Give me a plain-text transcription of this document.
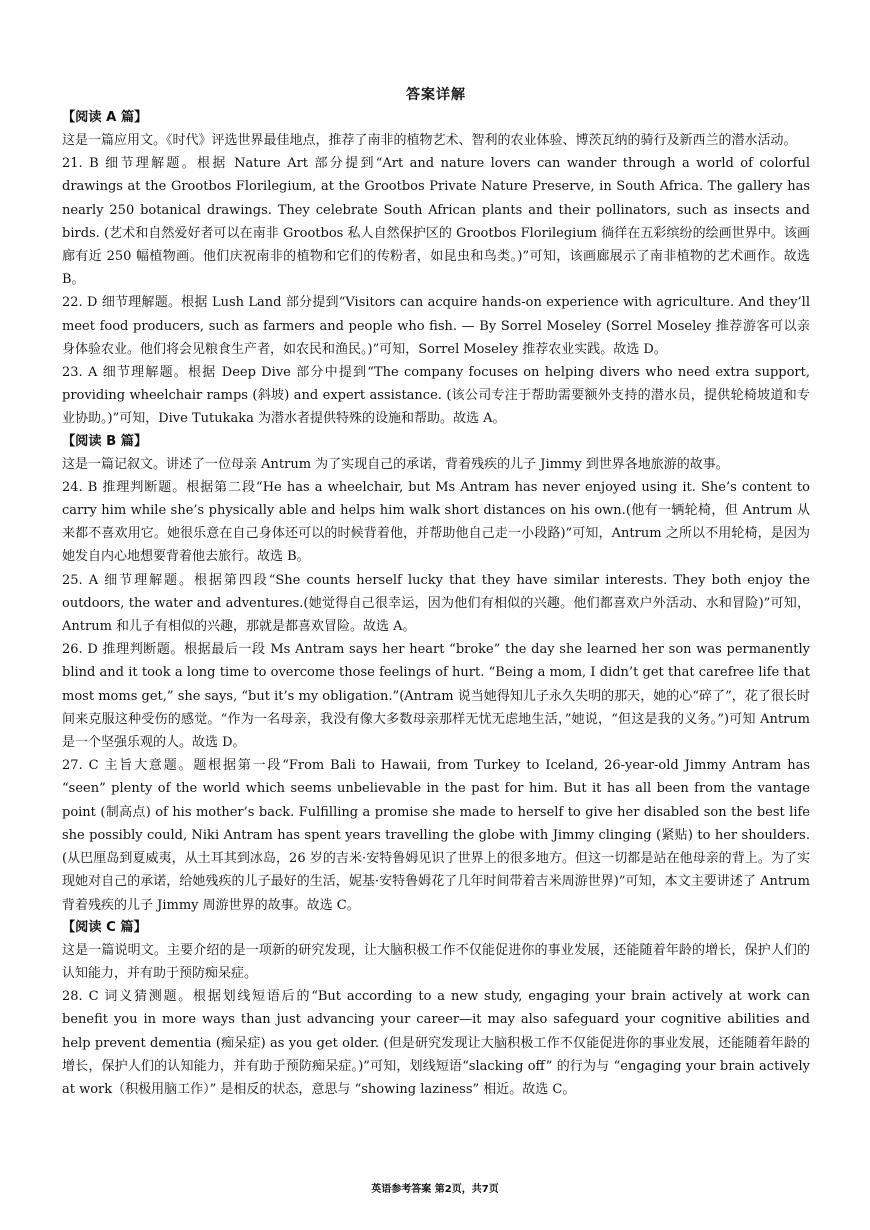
答案详解
【阅读 A 篇】

这是一篇应用文。《时代》评选世界最佳地点，推荐了南非的植物艺术、智利的农业体验、博茨瓦纳的骑行及新西兰的潜水活动。

21. B 细节理解题。根据 Nature Art 部分提到“Art and nature lovers can wander through a world of colorful drawings at the Grootbos Florilegium, at the Grootbos Private Nature Preserve, in South Africa. The gallery has nearly 250 botanical drawings. They celebrate South African plants and their pollinators, such as insects and birds. (艺术和自然爱好者可以在南非 Grootbos 私人自然保护区的 Grootbos Florilegium 徜徉在五彩缤纷的绘画世界中。该画廊有近 250 幅植物画。他们庆祝南非的植物和它们的传粉者，如昆虫和鸟类。)”可知，该画廊展示了南非植物的艺术画作。故选 B。

22. D 细节理解题。根据 Lush Land 部分提到“Visitors can acquire hands-on experience with agriculture. And they’ll meet food producers, such as farmers and people who fish. — By Sorrel Moseley (Sorrel Moseley 推荐游客可以亲身体验农业。他们将会见粮食生产者，如农民和渔民。)”可知，Sorrel Moseley 推荐农业实践。故选 D。

23. A 细节理解题。根据 Deep Dive 部分中提到“The company focuses on helping divers who need extra support, providing wheelchair ramps (斜坡) and expert assistance. (该公司专注于帮助需要额外支持的潜水员，提供轮椅坡道和专业协助。)”可知，Dive Tutukaka 为潜水者提供特殊的设施和帮助。故选 A。

【阅读 B 篇】

这是一篇记叙文。讲述了一位母亲 Antrum 为了实现自己的承诺，背着残疾的儿子 Jimmy 到世界各地旅游的故事。

24. B 推理判断题。根据第二段“He has a wheelchair, but Ms Antram has never enjoyed using it. She’s content to carry him while she’s physically able and helps him walk short distances on his own.(他有一辆轮椅，但 Antrum 从来都不喜欢用它。她很乐意在自己身体还可以的时候背着他，并帮助他自己走一小段路)”可知，Antrum 之所以不用轮椅，是因为她发自内心地想要背着他去旅行。故选 B。

25. A 细节理解题。根据第四段“She counts herself lucky that they have similar interests. They both enjoy the outdoors, the water and adventures.(她觉得自己很幸运，因为他们有相似的兴趣。他们都喜欢户外活动、水和冒险)”可知，Antrum 和儿子有相似的兴趣，那就是都喜欢冒险。故选 A。

26. D 推理判断题。根据最后一段 Ms Antram says her heart “broke” the day she learned her son was permanently blind and it took a long time to overcome those feelings of hurt. “Being a mom, I didn’t get that carefree life that most moms get,” she says, “but it’s my obligation.”(Antram 说当她得知儿子永久失明的那天，她的心“碎了”，花了很长时间来克服这种受伤的感觉。“作为一名母亲，我没有像大多数母亲那样无忧无虑地生活，”她说，“但这是我的义务。”)可知 Antrum 是一个坚强乐观的人。故选 D。

27. C 主旨大意题。题根据第一段“From Bali to Hawaii, from Turkey to Iceland, 26-year-old Jimmy Antram has “seen” plenty of the world which seems unbelievable in the past for him. But it has all been from the vantage point (制高点) of his mother’s back. Fulfilling a promise she made to herself to give her disabled son the best life she possibly could, Niki Antram has spent years travelling the globe with Jimmy clinging (紧贴) to her shoulders. (从巴厘岛到夏威夷，从土耳其到冰岛，26 岁的吉米·安特鲁姆见识了世界上的很多地方。但这一切都是站在他母亲的背上。为了实现她对自己的承诺，给她残疾的儿子最好的生活，妮基·安特鲁姆花了几年时间带着吉米周游世界)”可知，本文主要讲述了 Antrum 背着残疾的儿子 Jimmy 周游世界的故事。故选 C。

【阅读 C 篇】

这是一篇说明文。主要介绍的是一项新的研究发现，让大脑积极工作不仅能促进你的事业发展，还能随着年龄的增长，保护人们的认知能力，并有助于预防痴呆症。

28. C 词义猜测题。根据划线短语后的“But according to a new study, engaging your brain actively at work can benefit you in more ways than just advancing your career—it may also safeguard your cognitive abilities and help prevent dementia (痴呆症) as you get older. (但是研究发现让大脑积极工作不仅能促进你的事业发展，还能随着年龄的增长，保护人们的认知能力，并有助于预防痴呆症。)”可知，划线短语“slacking off” 的行为与 “engaging your brain actively at work（积极用脑工作）” 是相反的状态，意思与 “showing laziness” 相近。故选 C。

英语参考答案 第2页，共7页
